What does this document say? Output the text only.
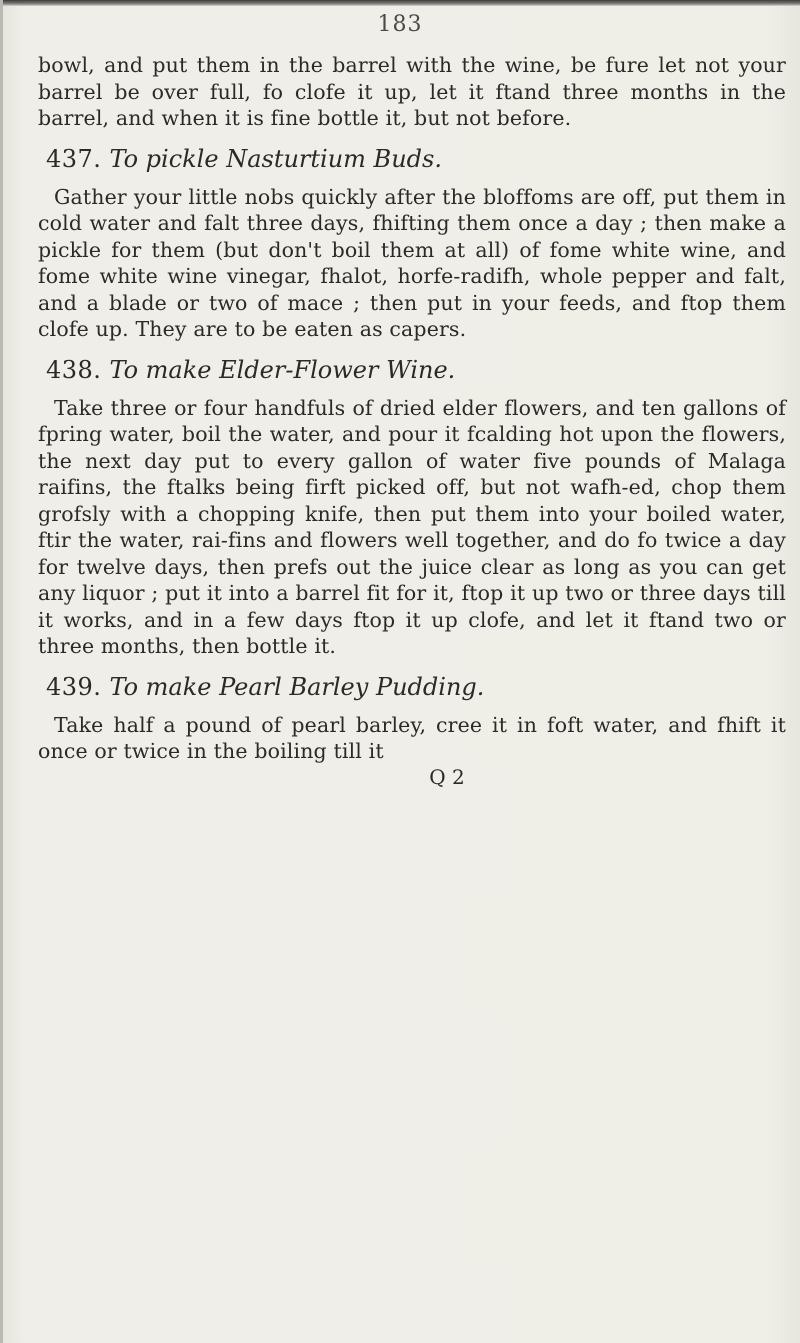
183

bowl, and put them in the barrel with the wine, be fure let not your barrel be over full, fo clofe it up, let it ftand three months in the barrel, and when it is fine bottle it, but not before.

437. To pickle Nasturtium Buds.

Gather your little nobs quickly after the bloffoms are off, put them in cold water and falt three days, fhifting them once a day ; then make a pickle for them (but don't boil them at all) of fome white wine, and fome white wine vinegar, fhalot, horfe-radifh, whole pepper and falt, and a blade or two of mace ; then put in your feeds, and ftop them clofe up. They are to be eaten as capers.

438. To make Elder-Flower Wine.

Take three or four handfuls of dried elder flowers, and ten gallons of fpring water, boil the water, and pour it fcalding hot upon the flowers, the next day put to every gallon of water five pounds of Malaga raifins, the ftalks being firft picked off, but not wafh-ed, chop them grofsly with a chopping knife, then put them into your boiled water, ftir the water, rai-fins and flowers well together, and do fo twice a day for twelve days, then prefs out the juice clear as long as you can get any liquor ; put it into a barrel fit for it, ftop it up two or three days till it works, and in a few days ftop it up clofe, and let it ftand two or three months, then bottle it.

439. To make Pearl Barley Pudding.

Take half a pound of pearl barley, cree it in foft water, and fhift it once or twice in the boiling till it

Q 2
